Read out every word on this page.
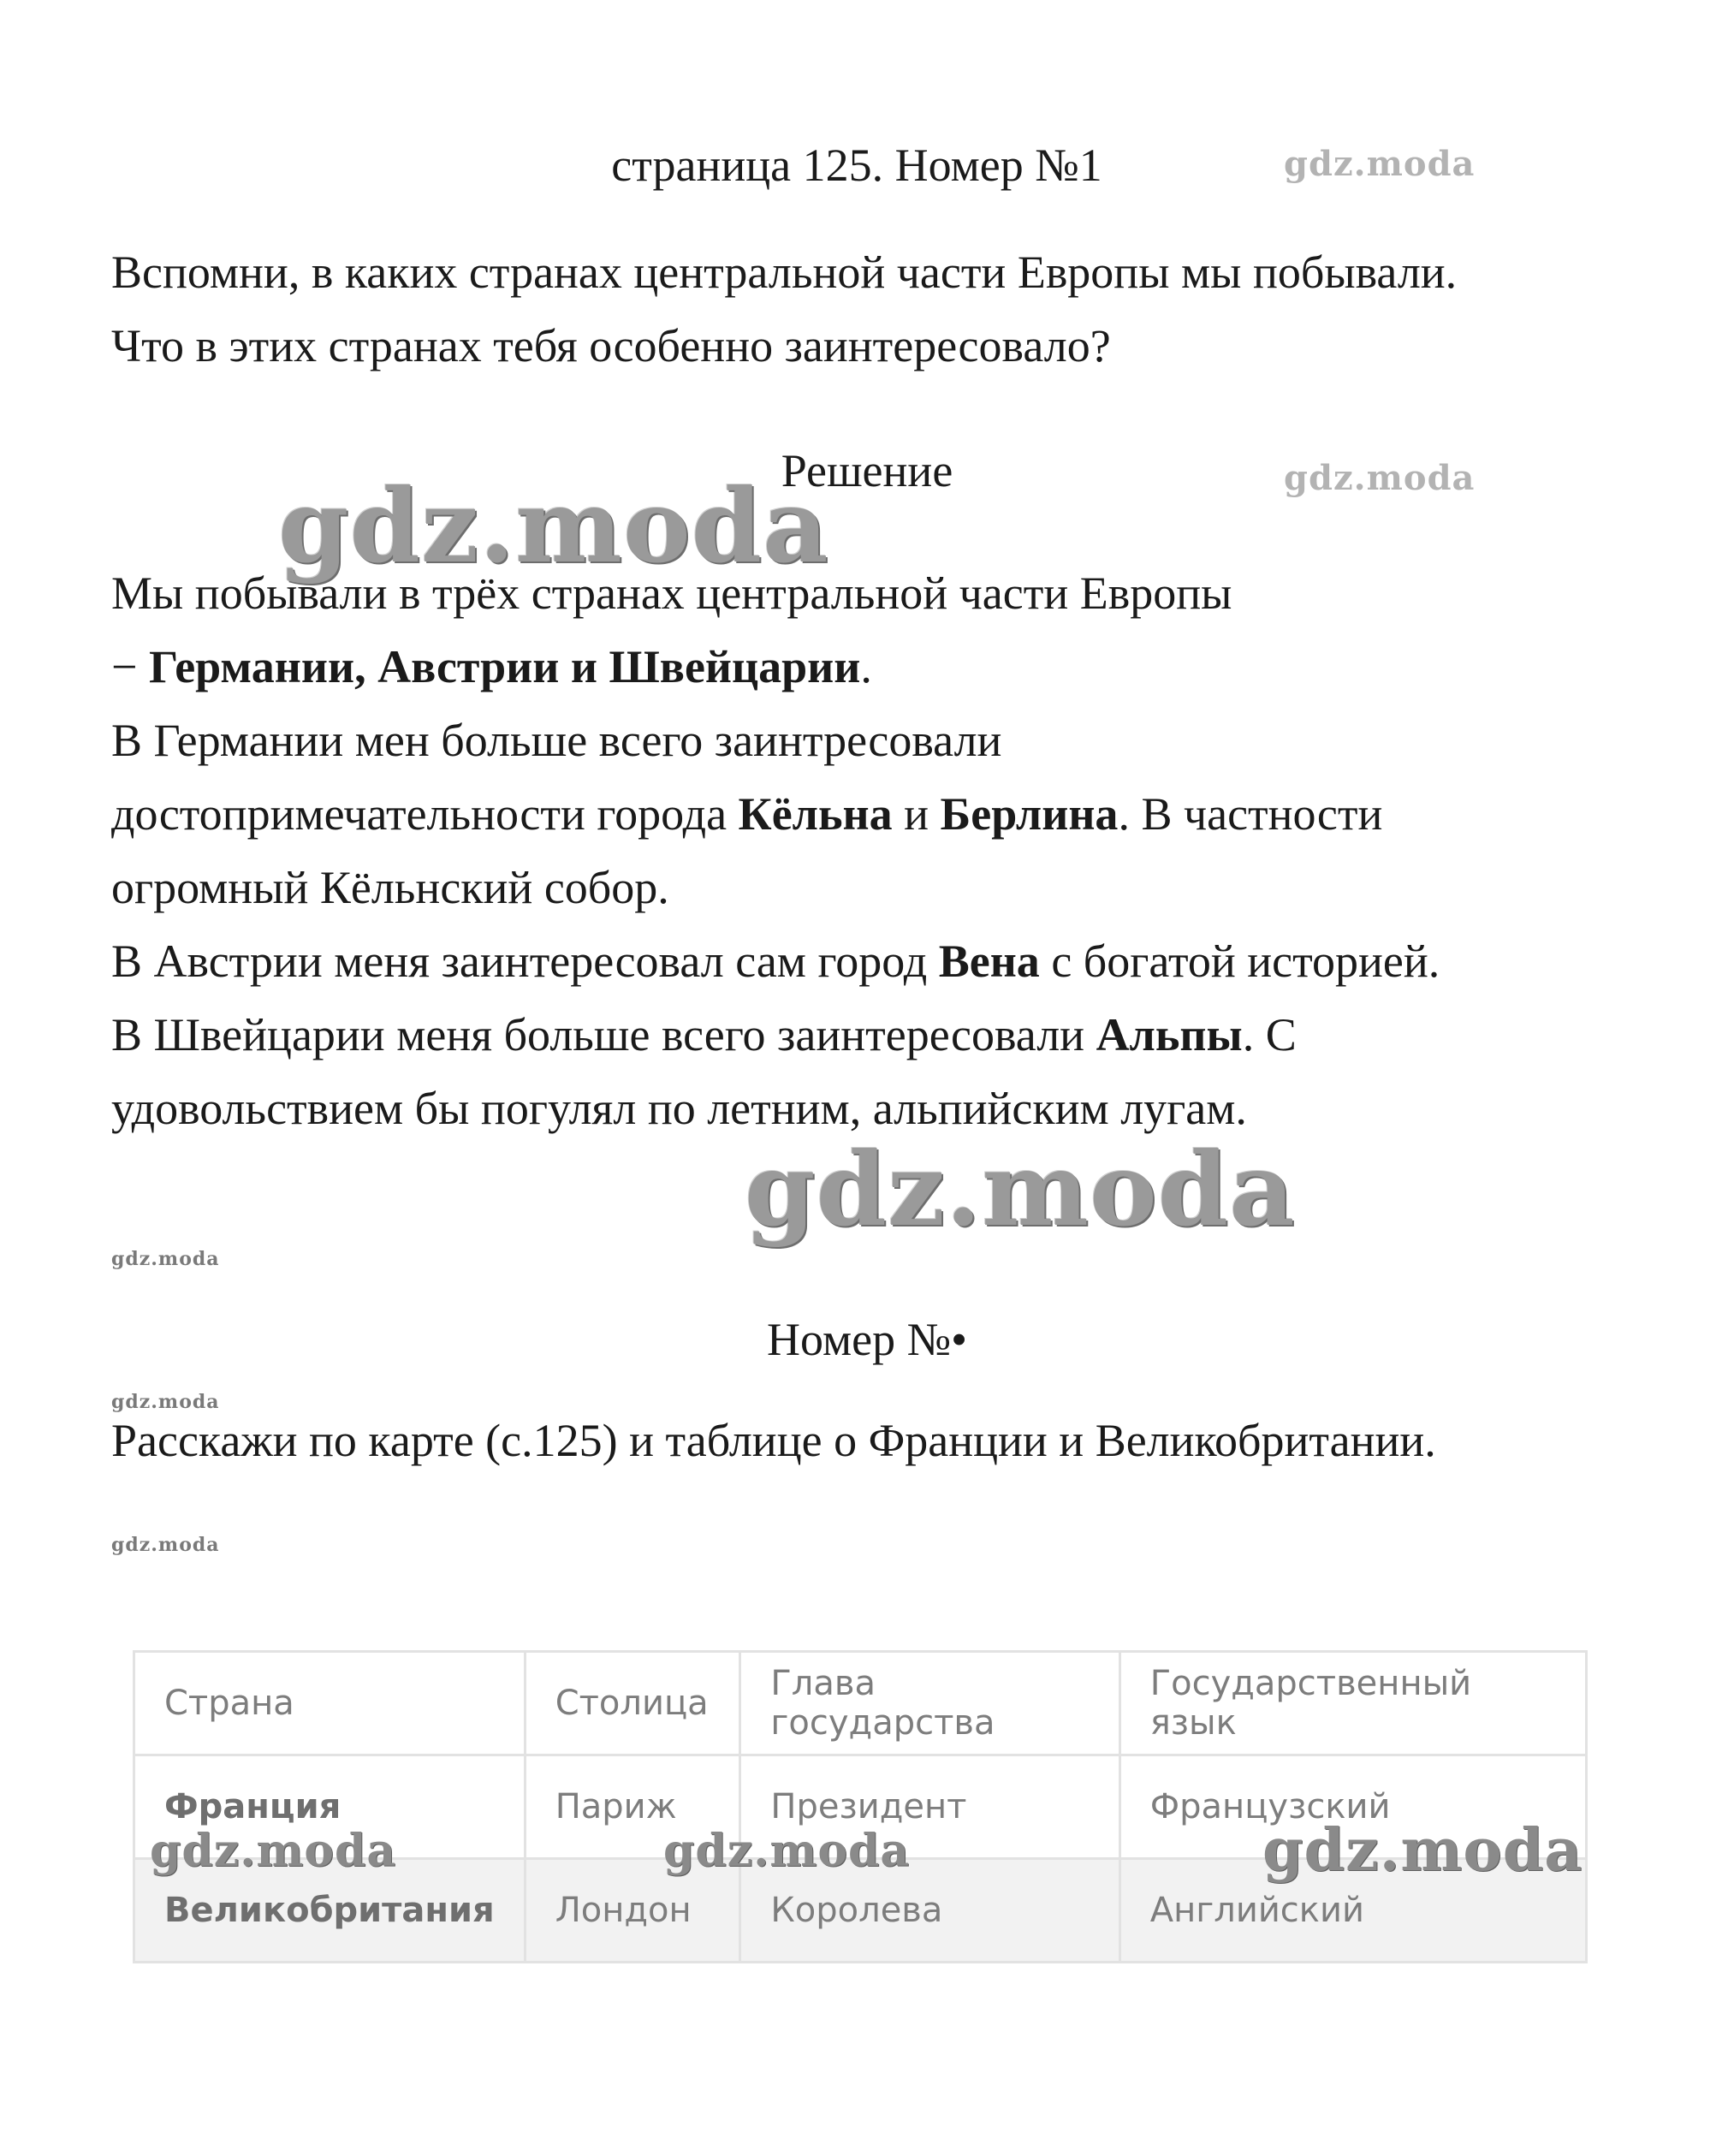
страница 125. Номер №1	gdz.moda
Вспомни, в каких странах центральной части Европы мы побывали.
Что в этих странах тебя особенно заинтересовало?
Решение	gdz.moda
gdz.moda
Мы побывали в трёх странах центральной части Европы
− Германии, Австрии и Швейцарии.
В Германии мен больше всего заинтресовали
достопримечательности города Кёльна и Берлина. В частности
огромный Кёльнский собор.
В Австрии меня заинтересовал сам город Вена с богатой историей.
В Швейцарии меня больше всего заинтересовали Альпы. С
удовольствием бы погулял по летним, альпийским лугам.
gdz.moda
gdz.moda
Номер №•
gdz.moda
Расскажи по карте (с.125) и таблице о Франции и Великобритании.
gdz.moda
Страна	Столица	Глава государства	Государственный язык
Франция	Париж	Президент	Французский
Великобритания	Лондон	Королева	Английский
gdz.moda	gdz.moda	gdz.moda
